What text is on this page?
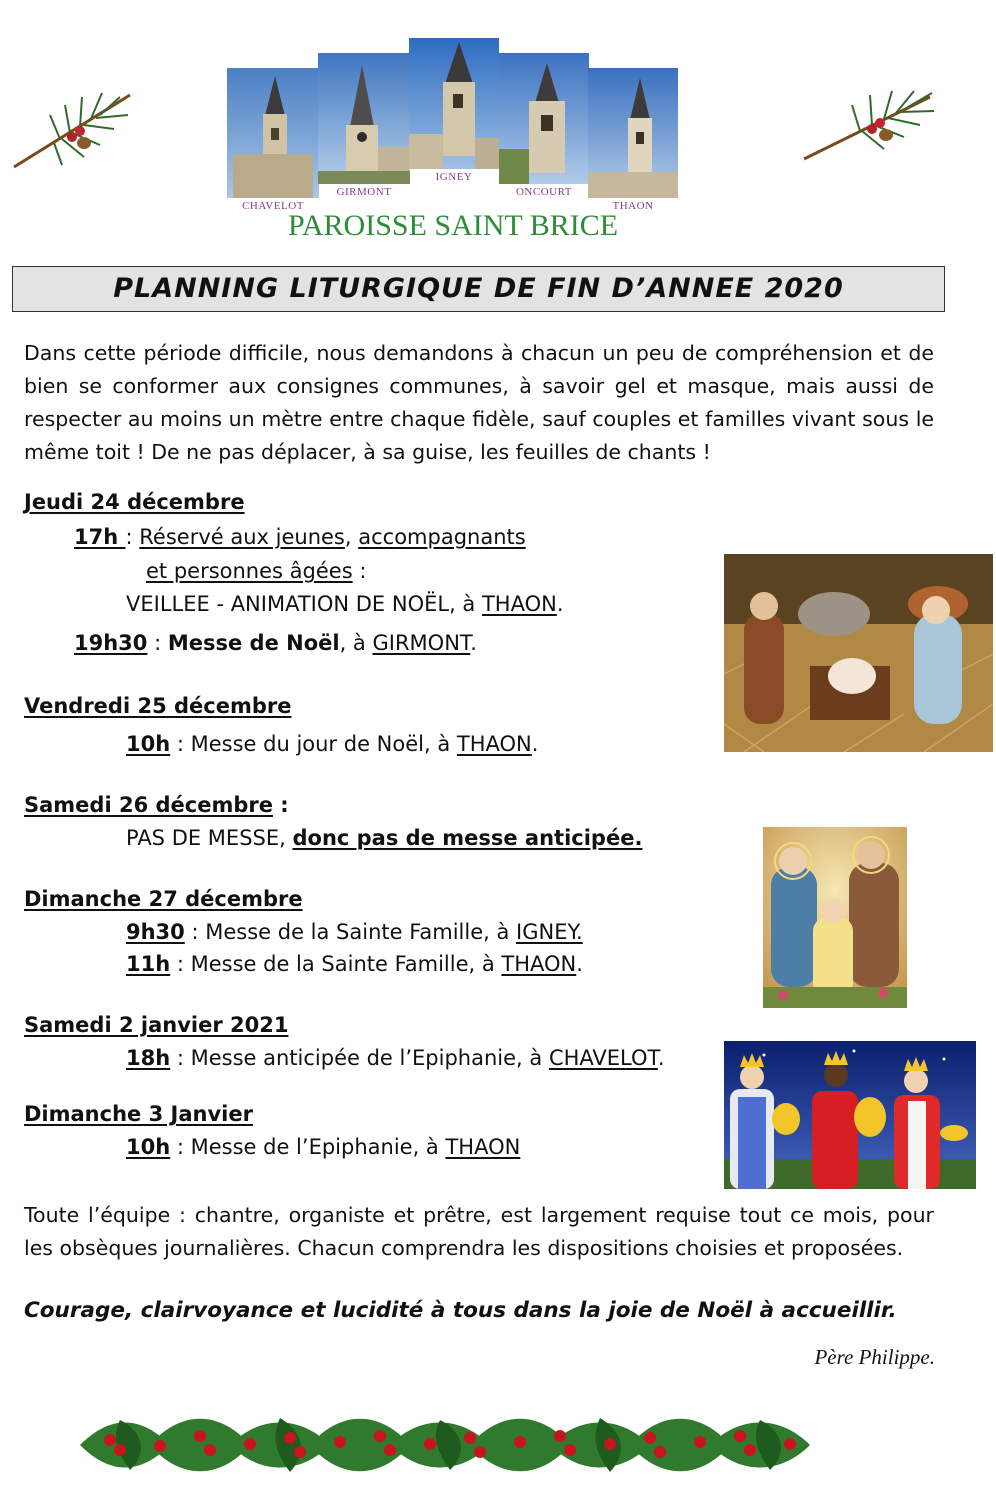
CHAVELOT
GIRMONT
IGNEY
ONCOURT
THAON
PAROISSE SAINT BRICE
PLANNING LITURGIQUE DE FIN D’ANNEE 2020
Dans cette période difficile, nous demandons à chacun un peu de compréhension et de bien se conformer aux consignes communes, à savoir gel et masque, mais aussi de respecter au moins un mètre entre chaque fidèle, sauf couples et familles vivant sous le même toit ! De ne pas déplacer, à sa guise, les feuilles de chants !
Jeudi 24 décembre
17h : Réservé aux jeunes, accompagnants
et personnes âgées :
VEILLEE - ANIMATION DE NOËL, à THAON.
19h30 : Messe de Noël, à GIRMONT.
Vendredi 25 décembre
10h : Messe du jour de Noël, à THAON.
Samedi 26 décembre :
PAS DE MESSE, donc pas de messe anticipée.
Dimanche 27 décembre
9h30 : Messe de la Sainte Famille, à IGNEY.
11h : Messe de la Sainte Famille, à THAON.
Samedi 2 janvier 2021
18h : Messe anticipée de l’Epiphanie, à CHAVELOT.
Dimanche 3 Janvier
10h : Messe de l’Epiphanie, à THAON
Toute l’équipe : chantre, organiste et prêtre, est largement requise tout ce mois, pour les obsèques journalières. Chacun comprendra les dispositions choisies et proposées.
Courage, clairvoyance et lucidité à tous dans la joie de Noël à accueillir.
Père Philippe.
